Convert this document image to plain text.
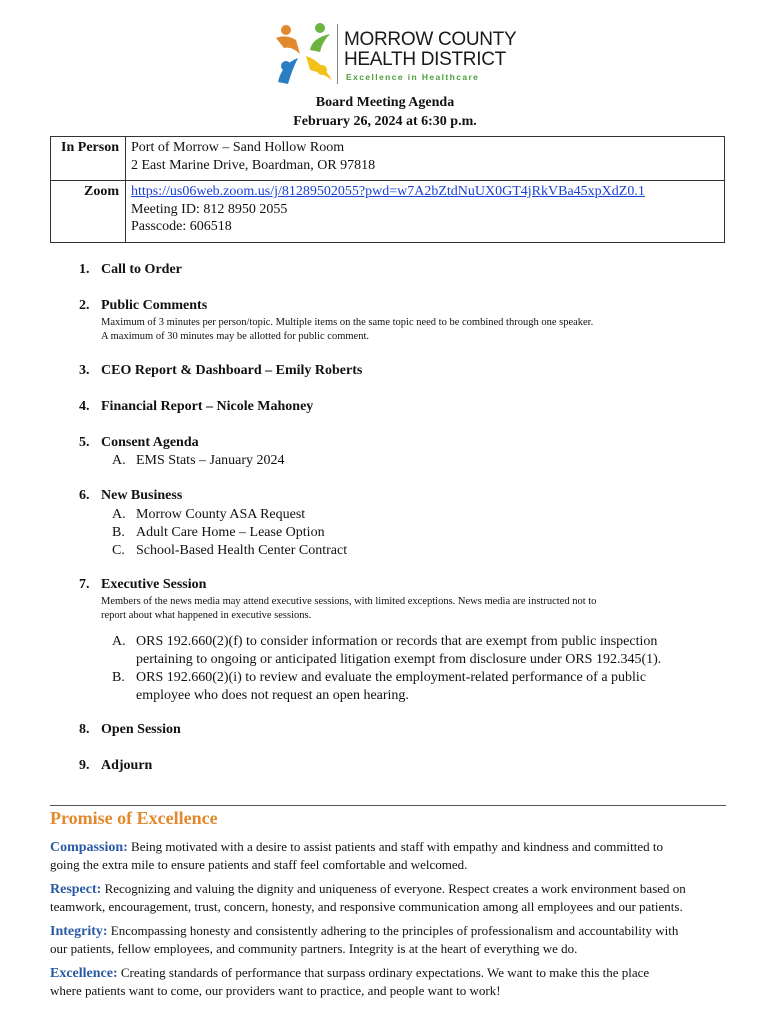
MORROW COUNTY
HEALTH DISTRICT
Excellence in Healthcare
Board Meeting Agenda
February 26, 2024 at 6:30 p.m.
In Person	Port of Morrow – Sand Hollow Room
2 East Marine Drive, Boardman, OR 97818

Zoom	https://us06web.zoom.us/j/81289502055?pwd=w7A2bZtdNuUX0GT4jRkVBa45xpXdZ0.1
Meeting ID: 812 8950 2055
Passcode: 606518
1. Call to Order
2. Public Comments
Maximum of 3 minutes per person/topic. Multiple items on the same topic need to be combined through one speaker.
A maximum of 30 minutes may be allotted for public comment.
3. CEO Report & Dashboard – Emily Roberts
4. Financial Report – Nicole Mahoney
5. Consent Agenda
A. EMS Stats – January 2024
6. New Business
A. Morrow County ASA Request
B. Adult Care Home – Lease Option
C. School-Based Health Center Contract
7. Executive Session
Members of the news media may attend executive sessions, with limited exceptions. News media are instructed not to
report about what happened in executive sessions.
A. ORS 192.660(2)(f) to consider information or records that are exempt from public inspection
pertaining to ongoing or anticipated litigation exempt from disclosure under ORS 192.345(1).
B. ORS 192.660(2)(i) to review and evaluate the employment-related performance of a public
employee who does not request an open hearing.
8. Open Session
9. Adjourn
Promise of Excellence
Compassion: Being motivated with a desire to assist patients and staff with empathy and kindness and committed to
going the extra mile to ensure patients and staff feel comfortable and welcomed.
Respect: Recognizing and valuing the dignity and uniqueness of everyone. Respect creates a work environment based on
teamwork, encouragement, trust, concern, honesty, and responsive communication among all employees and our patients.
Integrity: Encompassing honesty and consistently adhering to the principles of professionalism and accountability with
our patients, fellow employees, and community partners. Integrity is at the heart of everything we do.
Excellence: Creating standards of performance that surpass ordinary expectations. We want to make this the place
where patients want to come, our providers want to practice, and people want to work!
